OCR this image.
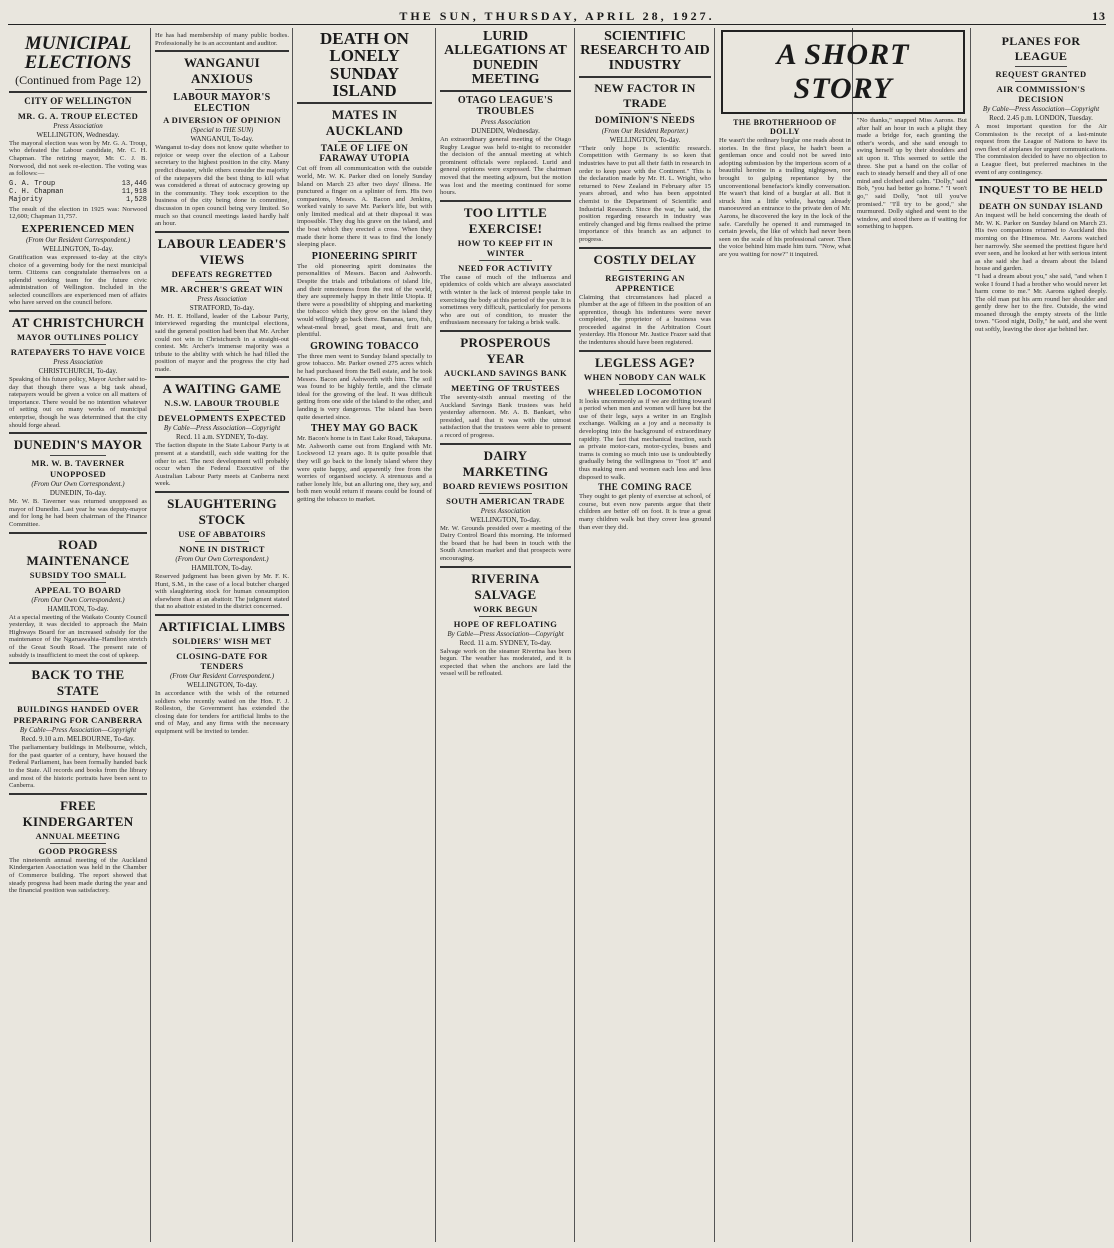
THE SUN, THURSDAY, APRIL 28, 1927.	13
MUNICIPAL ELECTIONS
(Continued from Page 12)
CITY OF WELLINGTON
MR. G. A. TROUP ELECTED
Press Association
WELLINGTON, Wednesday.

The mayoral election was won by Mr. G. A. Troup, who defeated the Labour candidate, Mr. C. H. Chapman. The retiring mayor, Mr. C. J. B. Norwood, did not seek re-election. The voting was as follows:—

G. A. Troup	13,446
C. H. Chapman	11,918
Majority	1,528

The result of the election in 1925 was: Norwood 12,600; Chapman 11,757.

EXPERIENCED MEN
(From Our Resident Correspondent.)
WELLINGTON, To-day.

Gratification was expressed to-day at the city's choice of a governing body for the next municipal term. Citizens can congratulate themselves on a splendid working team for the future civic administration of Wellington. Included in the selected councillors are experienced men of affairs who have served on the council before.

AT CHRISTCHURCH
MAYOR OUTLINES POLICY
RATEPAYERS TO HAVE VOICE
Press Association
CHRISTCHURCH, To-day.

Speaking of his future policy, Mayor Archer said to-day that though there was a big task ahead, ratepayers would be given a voice on all matters of importance. There would be no intention whatever of setting out on many works of municipal enterprise, though he was determined that the city should forge ahead.

DUNEDIN'S MAYOR
MR. W. B. TAVERNER
UNOPPOSED
(From Our Own Correspondent.)
DUNEDIN, To-day.

Mr. W. B. Taverner was returned unopposed as mayor of Dunedin. Last year he was deputy-mayor and for long he had been chairman of the Finance Committee.

ROAD MAINTENANCE
SUBSIDY TOO SMALL
APPEAL TO BOARD
(From Our Own Correspondent.)
HAMILTON, To-day.

At a special meeting of the Waikato County Council yesterday, it was decided to approach the Main Highways Board for an increased subsidy for the maintenance of the Ngaruawahia–Hamilton stretch of the Great South Road. The present rate of subsidy is insufficient to meet the cost of upkeep.

BACK TO THE STATE
BUILDINGS HANDED OVER
PREPARING FOR CANBERRA
By Cable—Press Association—Copyright
Recd. 9.10 a.m. MELBOURNE, To-day.

The parliamentary buildings in Melbourne, which, for the past quarter of a century, have housed the Federal Parliament, has been formally handed back to the State. All records and books from the library and most of the historic portraits have been sent to Canberra.

FREE KINDERGARTEN
ANNUAL MEETING
GOOD PROGRESS

The nineteenth annual meeting of the Auckland Kindergarten Association was held in the Chamber of Commerce building. The report showed that steady progress had been made during the year and the financial position was satisfactory.

He has had membership of many public bodies. Professionally he is an accountant and auditor.

WANGANUI ANXIOUS
LABOUR MAYOR'S ELECTION
A DIVERSION OF OPINION
(Special to THE SUN)
WANGANUI, To-day.

Wanganui to-day does not know quite whether to rejoice or weep over the election of a Labour secretary to the highest position in the city. Many predict disaster, while others consider the majority of the ratepayers did the best thing to kill what was considered a threat of autocracy growing up in the community. They took exception to the business of the city being done in committee, discussion in open council being very limited. So much so that council meetings lasted hardly half an hour.

LABOUR LEADER'S VIEWS
DEFEATS REGRETTED
MR. ARCHER'S GREAT WIN
Press Association
STRATFORD, To-day.

Mr. H. E. Holland, leader of the Labour Party, interviewed regarding the municipal elections, said the general position had been that Mr. Archer could not win in Christchurch in a straight-out contest. Mr. Archer's immense majority was a tribute to the ability with which he had filled the position of mayor and the progress the city had made.

A WAITING GAME
N.S.W. LABOUR TROUBLE
DEVELOPMENTS EXPECTED
By Cable—Press Association—Copyright
Recd. 11 a.m. SYDNEY, To-day.

The faction dispute in the State Labour Party is at present at a standstill, each side waiting for the other to act. The next development will probably occur when the Federal Executive of the Australian Labour Party meets at Canberra next week.

SLAUGHTERING STOCK
USE OF ABBATOIRS
NONE IN DISTRICT
(From Our Own Correspondent.)
HAMILTON, To-day.

Reserved judgment has been given by Mr. F. K. Hunt, S.M., in the case of a local butcher charged with slaughtering stock for human consumption elsewhere than at an abattoir. The judgment stated that no abattoir existed in the district concerned.

ARTIFICIAL LIMBS
SOLDIERS' WISH MET
CLOSING-DATE FOR TENDERS
(From Our Resident Correspondent.)
WELLINGTON, To-day.

In accordance with the wish of the returned soldiers who recently waited on the Hon. F. J. Rolleston, the Government has extended the closing date for tenders for artificial limbs to the end of May, and any firms with the necessary equipment will be invited to tender.

DEATH ON LONELY SUNDAY ISLAND
MATES IN AUCKLAND
TALE OF LIFE ON FARAWAY UTOPIA

Cut off from all communication with the outside world, Mr. W. K. Parker died on lonely Sunday Island on March 23 after two days' illness. He punctured a finger on a splinter of fern. His two companions, Messrs. A. Bacon and Jenkins, worked vainly to save Mr. Parker's life, but with only limited medical aid at their disposal it was impossible. They dug his grave on the island, and the boat which they erected a cross. When they made their home there it was to find the lonely sleeping place.

PIONEERING SPIRIT

The old pioneering spirit dominates the personalities of Messrs. Bacon and Ashworth. Despite the trials and tribulations of island life, and their remoteness from the rest of the world, they are supremely happy in their little Utopia. If there were a possibility of shipping and marketing the tobacco which they grow on the island they would willingly go back there. Bananas, taro, fish, wheat-meal bread, goat meat, and fruit are plentiful.

GROWING TOBACCO

The three men went to Sunday Island specially to grow tobacco. Mr. Parker owned 275 acres which he had purchased from the Bell estate, and he took Messrs. Bacon and Ashworth with him. The soil was found to be highly fertile, and the climate ideal for the growing of the leaf. It was difficult getting from one side of the island to the other, and landing is very dangerous. The island has been quite deserted since.

THEY MAY GO BACK

Mr. Bacon's home is in East Lake Road, Takapuna. Mr. Ashworth came out from England with Mr. Lockwood 12 years ago. It is quite possible that they will go back to the lonely island where they were quite happy, and apparently free from the worries of organised society. A strenuous and a rather lonely life, but an alluring one, they say, and both men would return if means could be found of getting the tobacco to market.

LURID ALLEGATIONS AT DUNEDIN MEETING
OTAGO LEAGUE'S TROUBLES
Press Association
DUNEDIN, Wednesday.

An extraordinary general meeting of the Otago Rugby League was held to-night to reconsider the decision of the annual meeting at which prominent officials were replaced. Lurid and general opinions were expressed. The chairman moved that the meeting adjourn, but the motion was lost and the meeting continued for some hours.

TOO LITTLE EXERCISE!
HOW TO KEEP FIT IN WINTER
NEED FOR ACTIVITY

The cause of much of the influenza and epidemics of colds which are always associated with winter is the lack of interest people take in exercising the body at this period of the year. It is sometimes very difficult, particularly for persons who are out of condition, to muster the enthusiasm necessary for taking a brisk walk.

PROSPEROUS YEAR
AUCKLAND SAVINGS BANK
MEETING OF TRUSTEES

The seventy-sixth annual meeting of the Auckland Savings Bank trustees was held yesterday afternoon. Mr. A. B. Bankart, who presided, said that it was with the utmost satisfaction that the trustees were able to present a record of progress.

DAIRY MARKETING
BOARD REVIEWS POSITION
SOUTH AMERICAN TRADE
Press Association
WELLINGTON, To-day.

Mr. W. Grounds presided over a meeting of the Dairy Control Board this morning. He informed the board that he had been in touch with the South American market and that prospects were encouraging.

RIVERINA SALVAGE
WORK BEGUN
HOPE OF REFLOATING
By Cable—Press Association—Copyright
Recd. 11 a.m. SYDNEY, To-day.

Salvage work on the steamer Riverina has been begun. The weather has moderated, and it is expected that when the anchors are laid the vessel will be refloated.

SCIENTIFIC RESEARCH TO AID INDUSTRY
NEW FACTOR IN TRADE
DOMINION'S NEEDS
(From Our Resident Reporter.)
WELLINGTON, To-day.

"Their only hope is scientific research. Competition with Germany is so keen that industries have to put all their faith in research in order to keep pace with the Continent." This is the declaration made by Mr. H. L. Wright, who returned to New Zealand in February after 15 years abroad, and who has been appointed chemist to the Department of Scientific and Industrial Research. Since the war, he said, the position regarding research in industry was entirely changed and big firms realised the prime importance of this branch as an adjunct to progress.

COSTLY DELAY
REGISTERING AN APPRENTICE

Claiming that circumstances had placed a plumber at the age of fifteen in the position of an apprentice, though his indentures were never completed, the proprietor of a business was proceeded against in the Arbitration Court yesterday. His Honour Mr. Justice Frazer said that the indentures should have been registered.

LEGLESS AGE?
WHEN NOBODY CAN WALK
WHEELED LOCOMOTION

It looks uncommonly as if we are drifting toward a period when men and women will have but the use of their legs, says a writer in an English exchange. Walking as a joy and a necessity is developing into the background of extraordinary rapidity. The fact that mechanical traction, such as private motor-cars, motor-cycles, buses and trams is coming so much into use is undoubtedly gradually being the willingness to "foot it" and thus making men and women each less and less disposed to walk.

THE COMING RACE

They ought to get plenty of exercise at school, of course, but even now parents argue that their children are better off on foot. It is true a great many children walk but they cover less ground than ever they did.

A SHORT STORY
THE BROTHERHOOD OF DOLLY

He wasn't the ordinary burglar one reads about in stories. In the first place, he hadn't been a gentleman once and could not be saved into adopting submission by the imperious scorn of a beautiful heroine in a trailing nightgown, nor brought to gulping repentance by the unconventional benefactor's kindly conversation. He wasn't that kind of a burglar at all. But it struck him a little while, having already manoeuvred an entrance to the private den of Mr. Aarons, he discovered the key in the lock of the safe. Carefully he opened it and rummaged in certain jewels, the like of which had never been seen on the scale of his professional career. Then the voice behind him made him turn. "Now, what are you waiting for now?" it inquired.

"No thanks," snapped Miss Aarons. But after half an hour in such a plight they made a bridge for, each granting the other's words, and she said enough to swing herself up by their shoulders and sit upon it. This seemed to settle the three. She put a hand on the collar of each to steady herself and they all of one mind and clothed and calm. "Dolly," said Bob, "you had better go home." "I won't go," said Dolly, "not till you've promised." "I'll try to be good," she murmured. Dolly sighed and went to the window, and stood there as if waiting for something to happen.

PLANES FOR LEAGUE
REQUEST GRANTED
AIR COMMISSION'S DECISION
By Cable—Press Association—Copyright
Recd. 2.45 p.m. LONDON, Tuesday.

A most important question for the Air Commission is the receipt of a last-minute request from the League of Nations to have its own fleet of airplanes for urgent communications. The commission decided to have no objection to a League fleet, but preferred machines in the event of any contingency.

INQUEST TO BE HELD
DEATH ON SUNDAY ISLAND

An inquest will be held concerning the death of Mr. W. K. Parker on Sunday Island on March 23. His two companions returned to Auckland this morning on the Hinemoa. Mr. Aarons watched her narrowly. She seemed the prettiest figure he'd ever seen, and he looked at her with serious intent as she said she had a dream about the Island house and garden.

"I had a dream about you," she said, "and when I woke I found I had a brother who would never let harm come to me." Mr. Aarons sighed deeply. The old man put his arm round her shoulder and gently drew her to the fire. Outside, the wind moaned through the empty streets of the little town. "Good night, Dolly," he said, and she went out softly, leaving the door ajar behind her.
